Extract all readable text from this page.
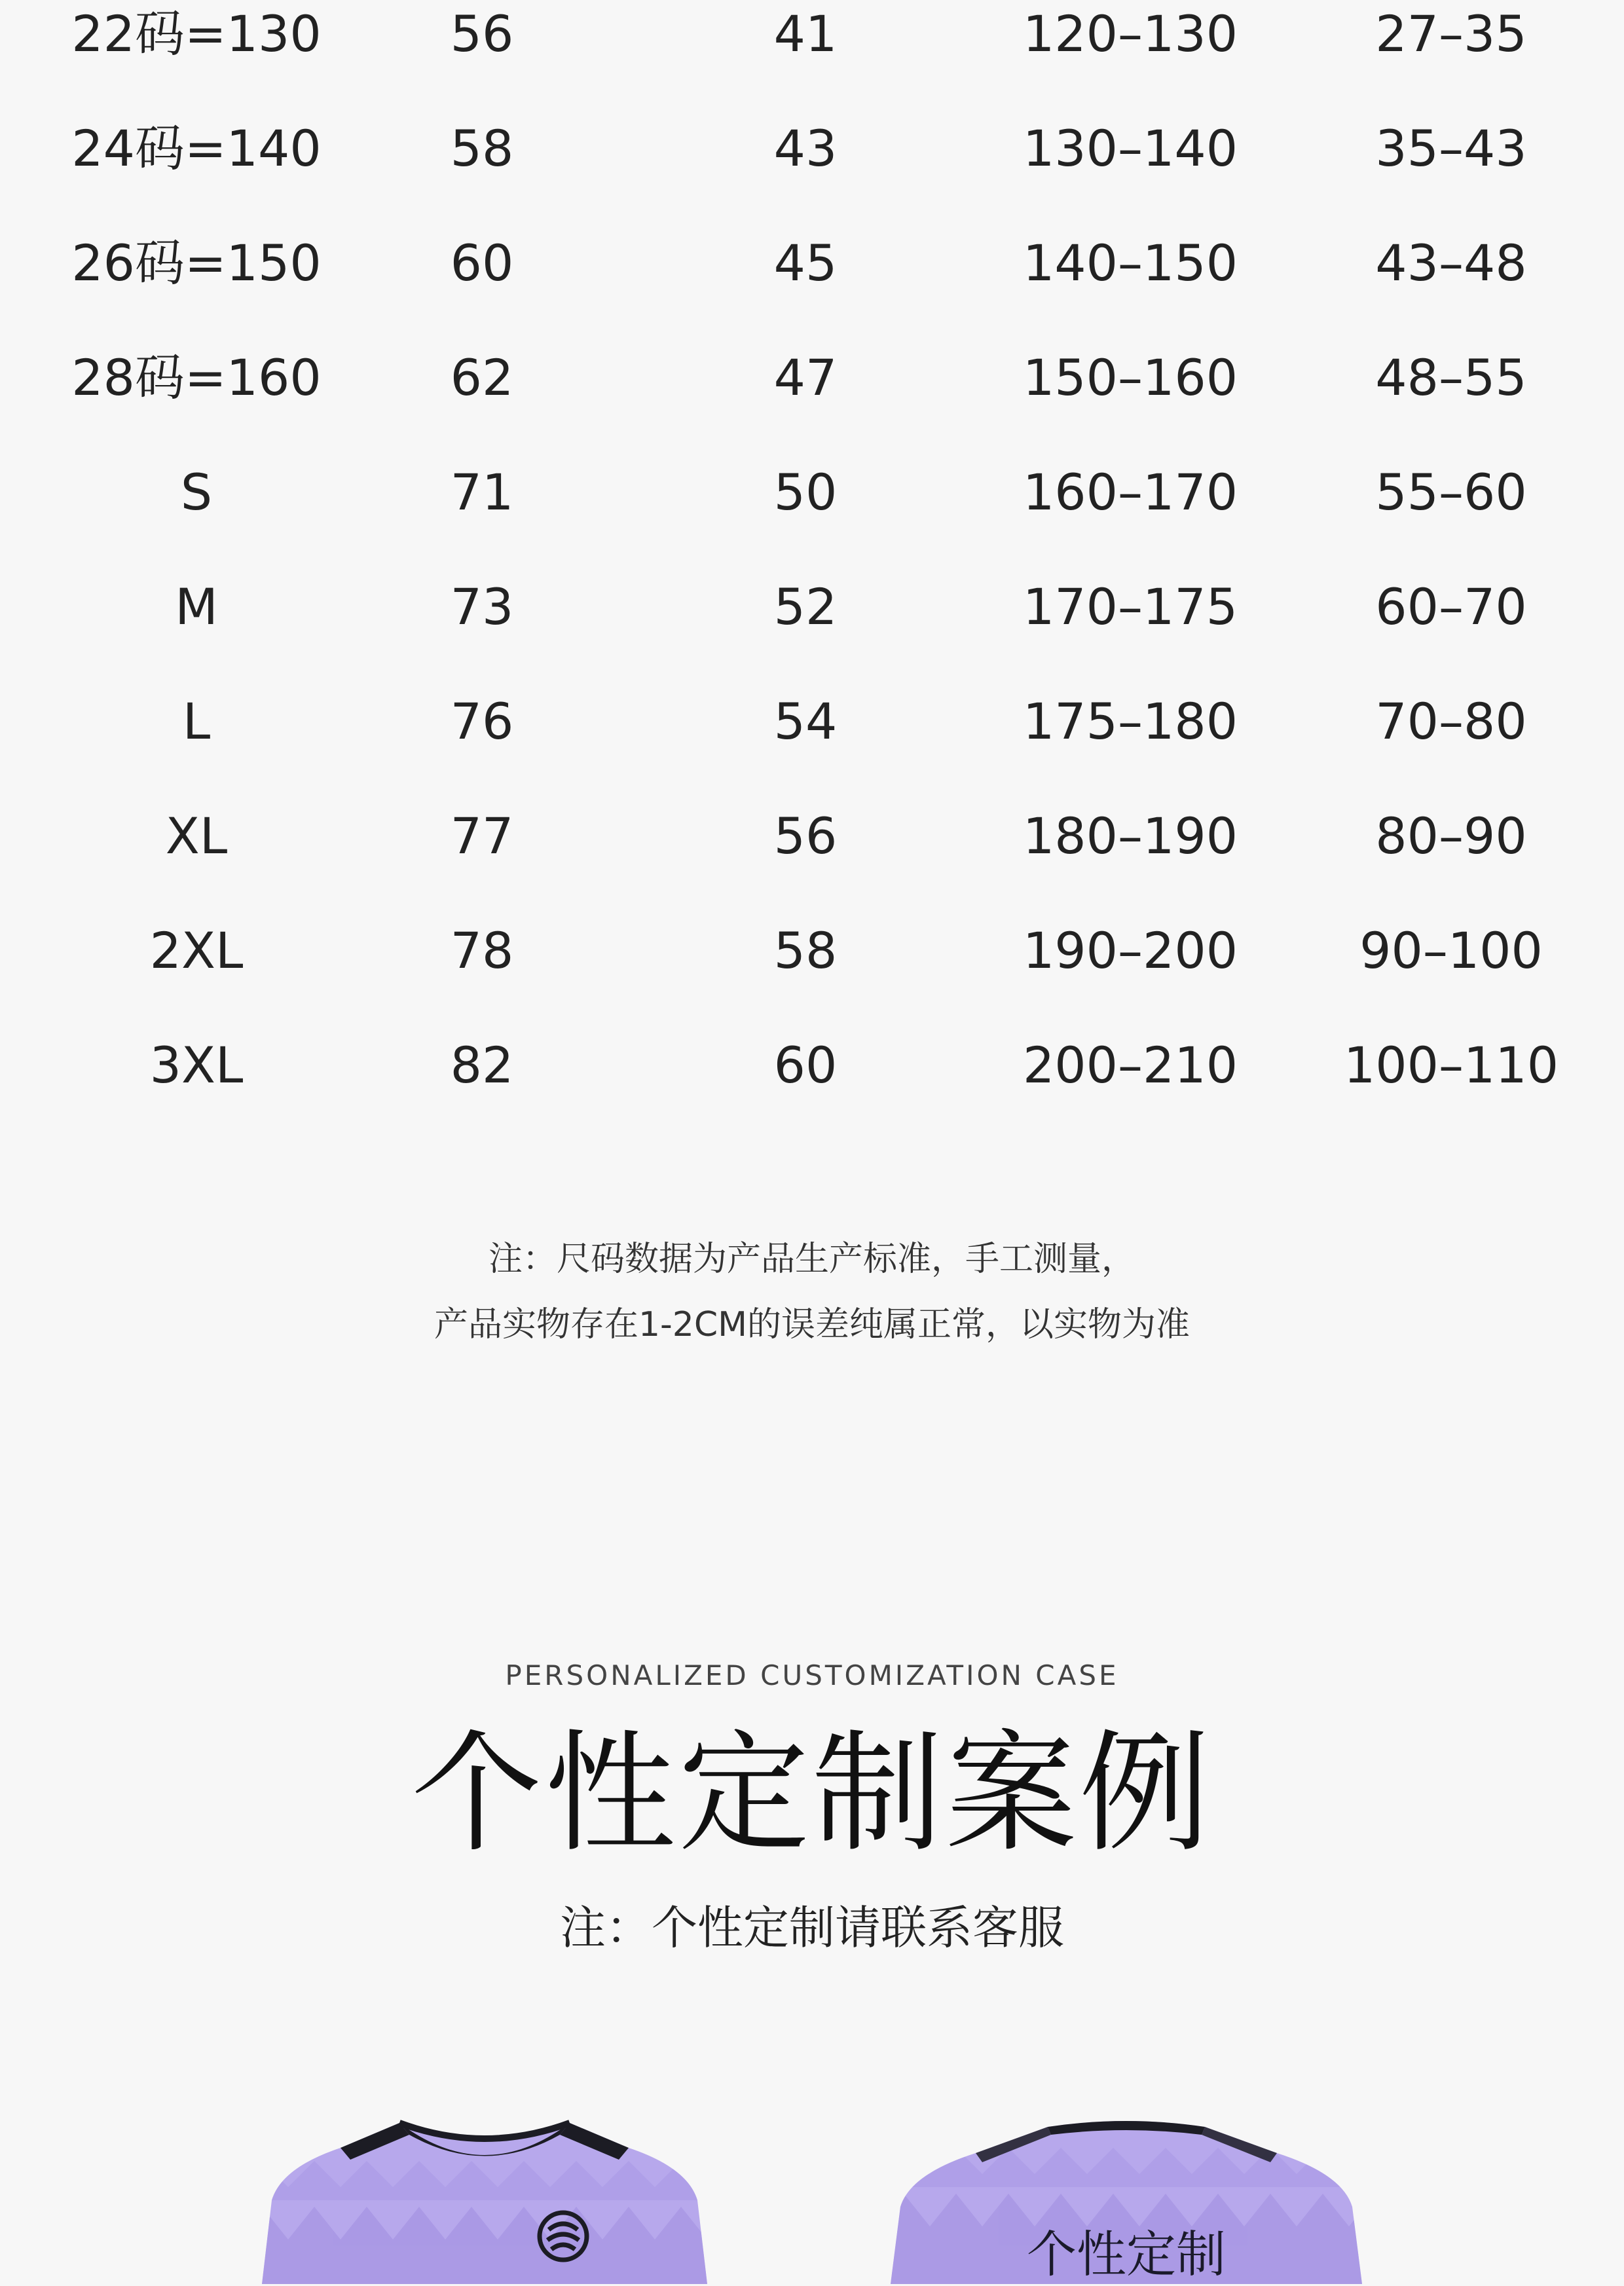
22码=130	56	41	120–130	27–35
24码=140	58	43	130–140	35–43
26码=150	60	45	140–150	43–48
28码=160	62	47	150–160	48–55
S	71	50	160–170	55–60
M	73	52	170–175	60–70
L	76	54	175–180	70–80
XL	77	56	180–190	80–90
2XL	78	58	190–200	90–100
3XL	82	60	200–210	100–110
注：尺码数据为产品生产标准，手工测量，
产品实物存在1-2CM的误差纯属正常，以实物为准
PERSONALIZED CUSTOMIZATION CASE
个性定制案例
注：个性定制请联系客服
个性定制
